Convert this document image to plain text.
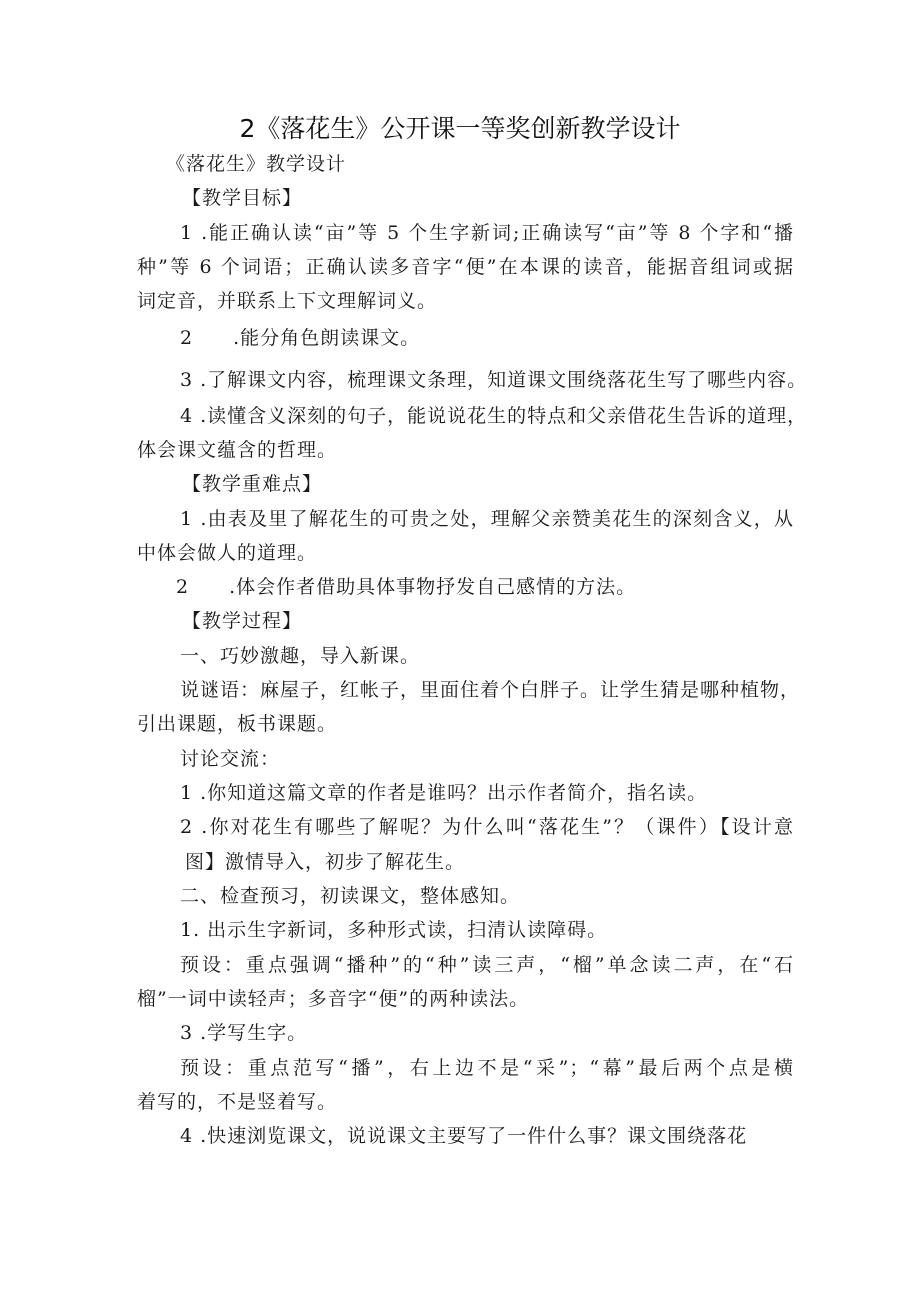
2《落花生》公开课一等奖创新教学设计
《落花生》教学设计
【教学目标】
1 .能正确认读“亩”等 5 个生字新词;正确读写“亩”等 8 个字和“播
种”等 6 个词语；正确认读多音字“便”在本课的读音，能据音组词或据
词定音，并联系上下文理解词义。
2　　.能分角色朗读课文。
3 .了解课文内容，梳理课文条理，知道课文围绕落花生写了哪些内容。
4 .读懂含义深刻的句子，能说说花生的特点和父亲借花生告诉的道理，
体会课文蕴含的哲理。
【教学重难点】
1 .由表及里了解花生的可贵之处，理解父亲赞美花生的深刻含义，从
中体会做人的道理。
2　　.体会作者借助具体事物抒发自己感情的方法。
【教学过程】
一、巧妙激趣，导入新课。
说谜语：麻屋子，红帐子，里面住着个白胖子。让学生猜是哪种植物，
引出课题，板书课题。
讨论交流：
1 .你知道这篇文章的作者是谁吗？出示作者简介，指名读。
2 .你对花生有哪些了解呢？为什么叫“落花生”？（课件）【设计意
图】激情导入，初步了解花生。
二、检查预习，初读课文，整体感知。
1. 出示生字新词，多种形式读，扫清认读障碍。
预设：重点强调“播种”的“种”读三声，“榴”单念读二声，在“石
榴”一词中读轻声；多音字“便”的两种读法。
3 .学写生字。
预设：重点范写“播”，右上边不是“采”；“幕”最后两个点是横
着写的，不是竖着写。
4 .快速浏览课文，说说课文主要写了一件什么事？课文围绕落花
